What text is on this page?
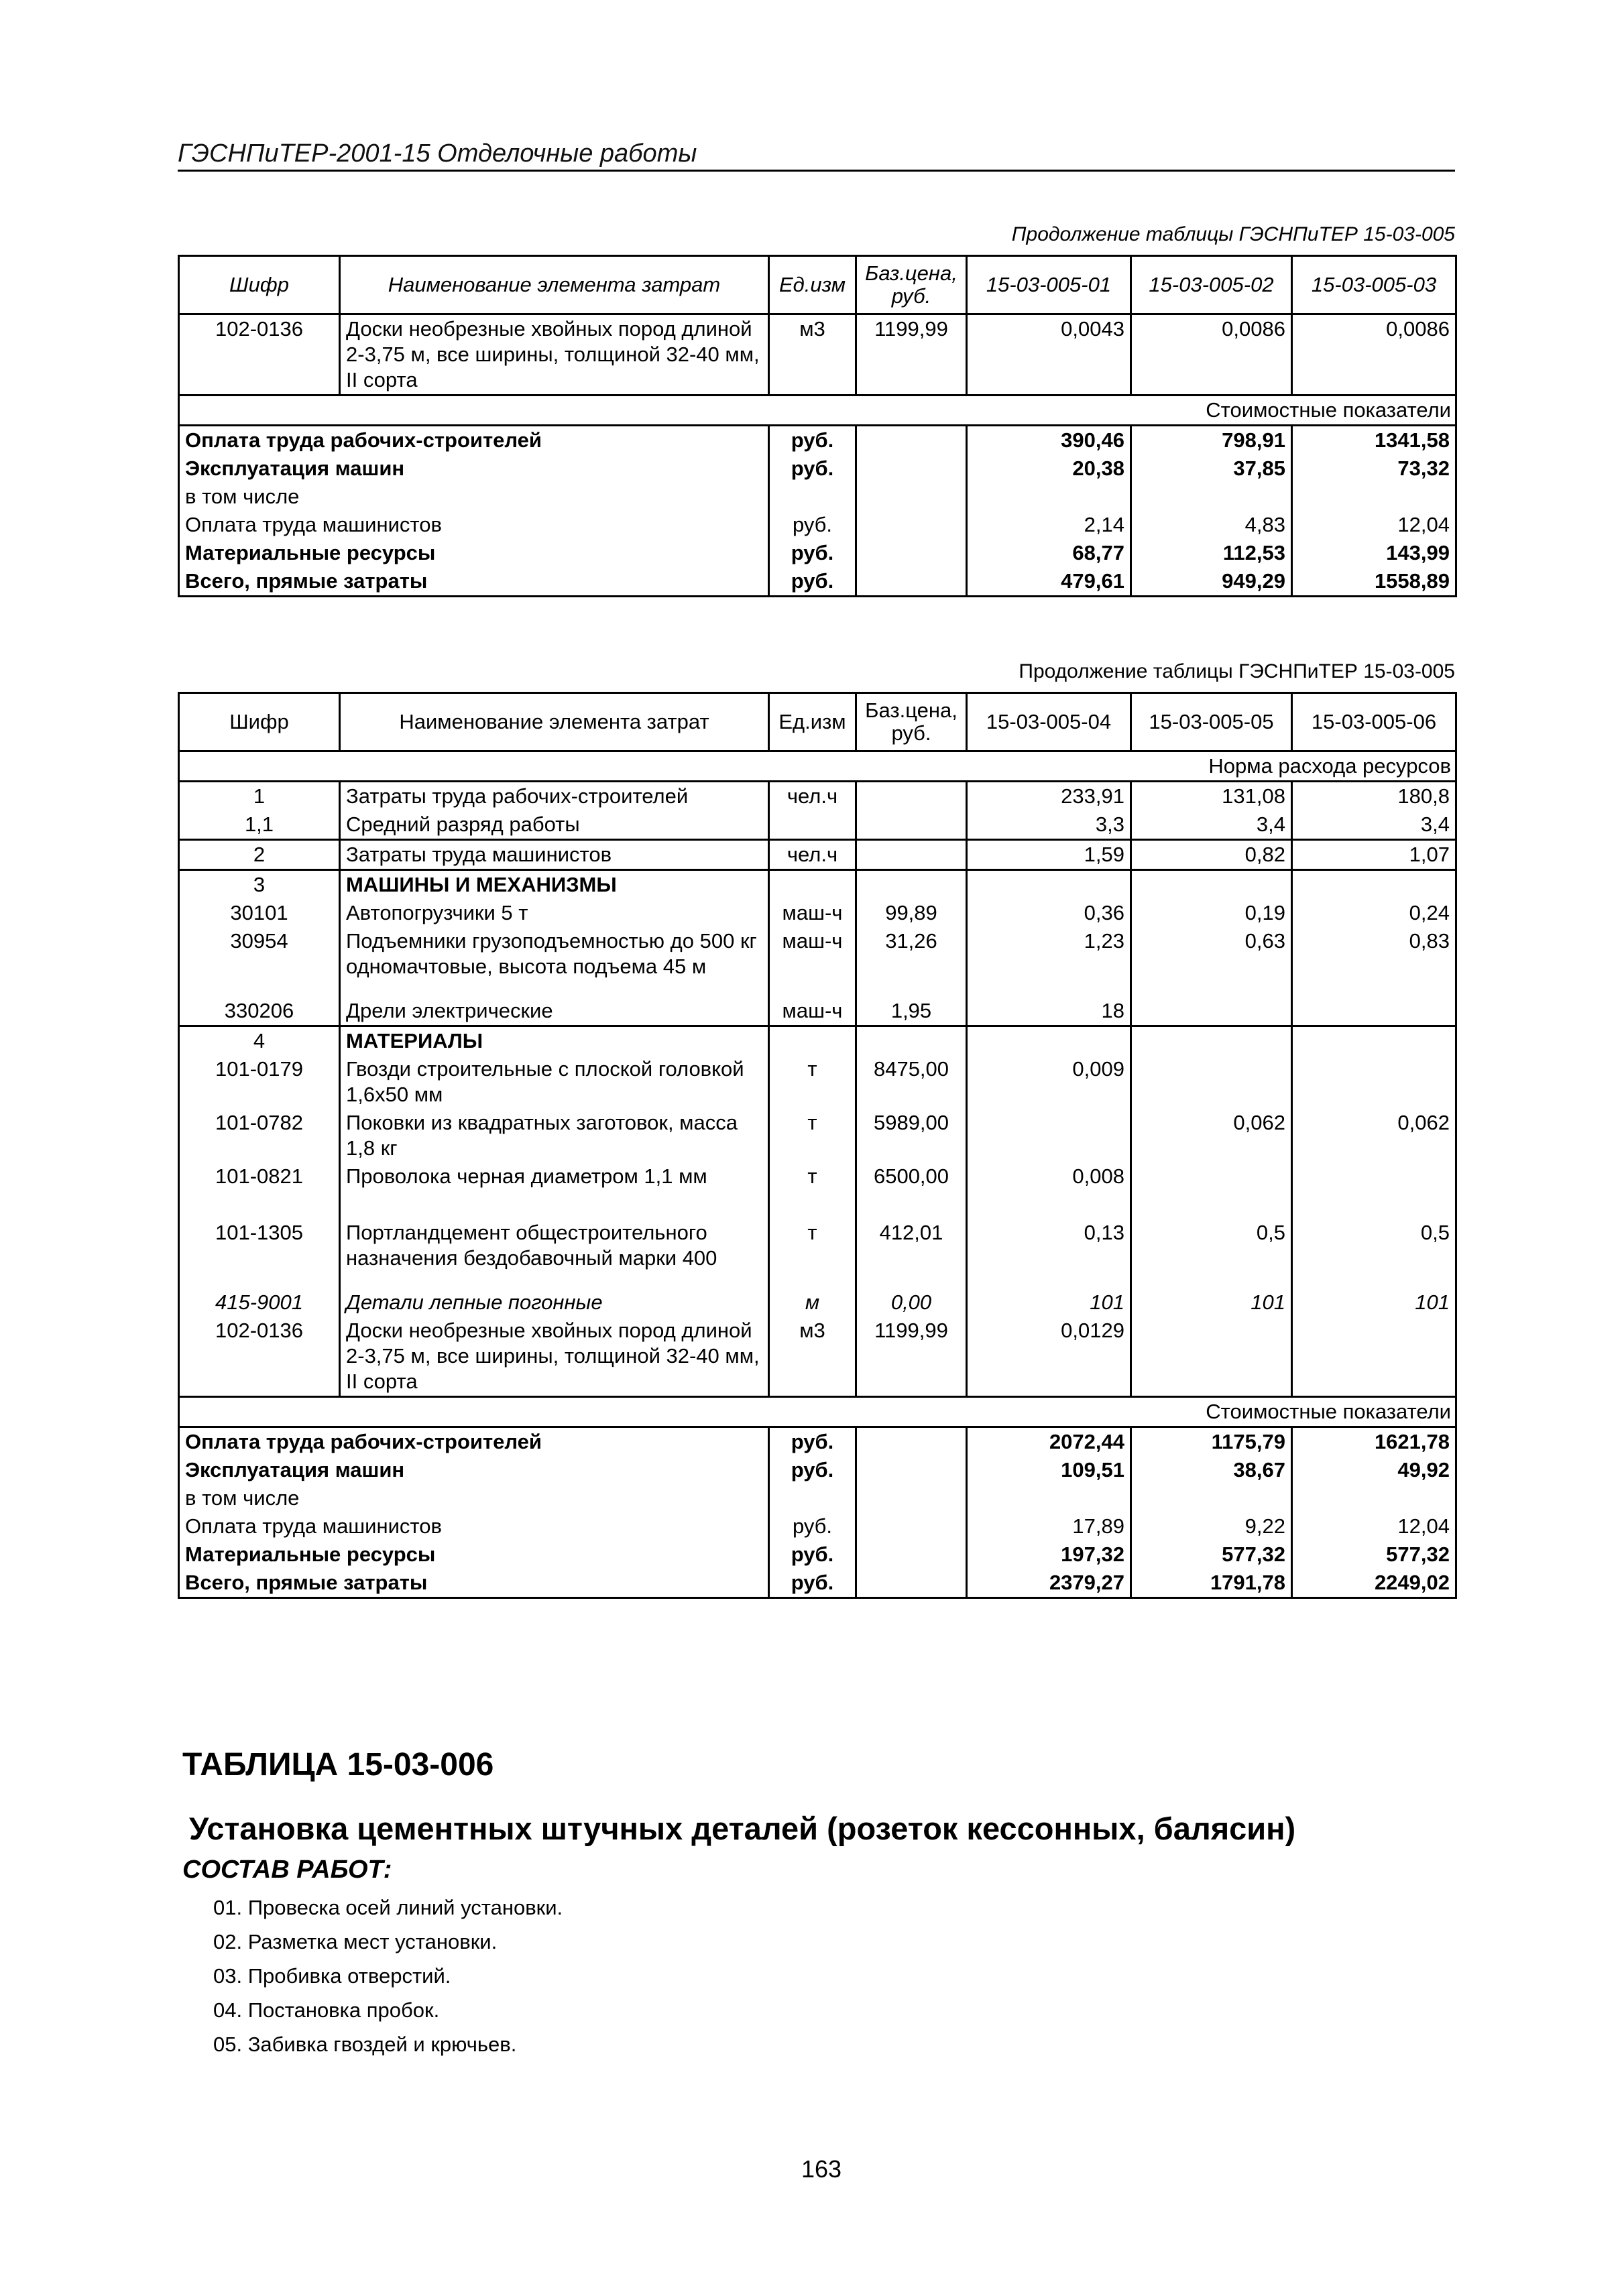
ГЭСНПиТЕР-2001-15 Отделочные работы
Продолжение таблицы ГЭСНПиТЕР 15-03-005
Шифр	Наименование элемента затрат	Ед.изм	Баз.цена, руб.	15-03-005-01	15-03-005-02	15-03-005-03
102-0136	Доски необрезные хвойных пород длиной 2-3,75 м, все ширины, толщиной 32-40 мм, II сорта	м3	1199,99	0,0043	0,0086	0,0086
Стоимостные показатели						
Оплата труда рабочих-строителей		руб.		390,46	798,91	1341,58
Эксплуатация машин		руб.		20,38	37,85	73,32
в том числе						
Оплата труда машинистов		руб.		2,14	4,83	12,04
Материальные ресурсы		руб.		68,77	112,53	143,99
Всего, прямые затраты		руб.		479,61	949,29	1558,89
Продолжение таблицы ГЭСНПиТЕР 15-03-005
Шифр	Наименование элемента затрат	Ед.изм	Баз.цена, руб.	15-03-005-04	15-03-005-05	15-03-005-06
Норма расхода ресурсов						
1	Затраты труда рабочих-строителей	чел.ч		233,91	131,08	180,8
1,1	Средний разряд работы			3,3	3,4	3,4
2	Затраты труда машинистов	чел.ч		1,59	0,82	1,07
3	МАШИНЫ И МЕХАНИЗМЫ					
30101	Автопогрузчики 5 т	маш-ч	99,89	0,36	0,19	0,24
30954	Подъемники грузоподъемностью до 500 кг одномачтовые, высота подъема 45 м	маш-ч	31,26	1,23	0,63	0,83
330206	Дрели электрические	маш-ч	1,95	18		
4	МАТЕРИАЛЫ					
101-0179	Гвозди строительные с плоской головкой 1,6х50 мм	т	8475,00	0,009		
101-0782	Поковки из квадратных заготовок, масса 1,8 кг	т	5989,00		0,062	0,062
101-0821	Проволока черная диаметром 1,1 мм	т	6500,00	0,008		
101-1305	Портландцемент общестроительного назначения бездобавочный марки 400	т	412,01	0,13	0,5	0,5
415-9001	Детали лепные погонные	м	0,00	101	101	101
102-0136	Доски необрезные хвойных пород длиной 2-3,75 м, все ширины, толщиной 32-40 мм, II сорта	м3	1199,99	0,0129		
Стоимостные показатели						
Оплата труда рабочих-строителей		руб.		2072,44	1175,79	1621,78
Эксплуатация машин		руб.		109,51	38,67	49,92
в том числе						
Оплата труда машинистов		руб.		17,89	9,22	12,04
Материальные ресурсы		руб.		197,32	577,32	577,32
Всего, прямые затраты		руб.		2379,27	1791,78	2249,02
ТАБЛИЦА 15-03-006
Установка цементных штучных деталей (розеток кессонных, балясин)
СОСТАВ РАБОТ:
01. Провеска осей линий установки.
02. Разметка мест установки.
03. Пробивка отверстий.
04. Постановка пробок.
05. Забивка гвоздей и крючьев.
163
